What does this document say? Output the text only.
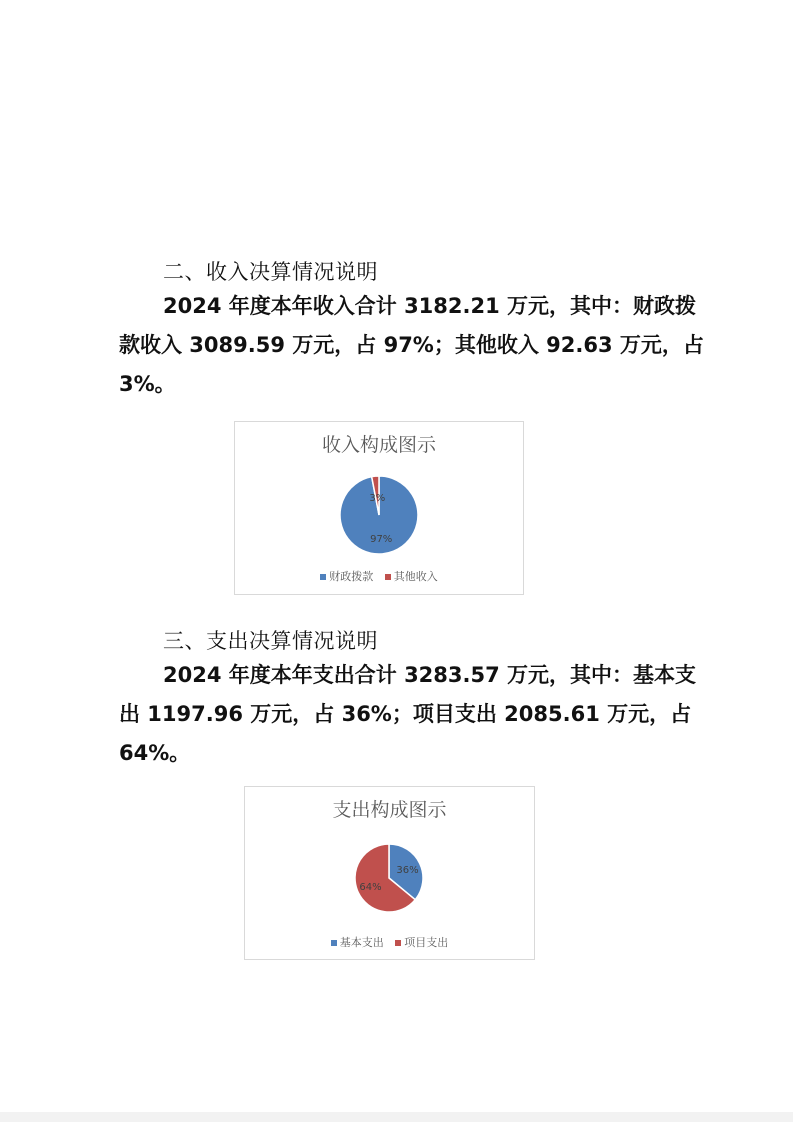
二、收入决算情况说明

2024 年度本年收入合计 3182.21 万元，其中：财政拨
款收入 3089.59 万元，占 97%；其他收入 92.63 万元，占
3%。

收入构成图示
97%
3%
财政拨款 其他收入
三、支出决算情况说明

2024 年度本年支出合计 3283.57 万元，其中：基本支
出 1197.96 万元，占 36%；项目支出 2085.61 万元，占
64%。

支出构成图示
36%
64%
基本支出 项目支出
